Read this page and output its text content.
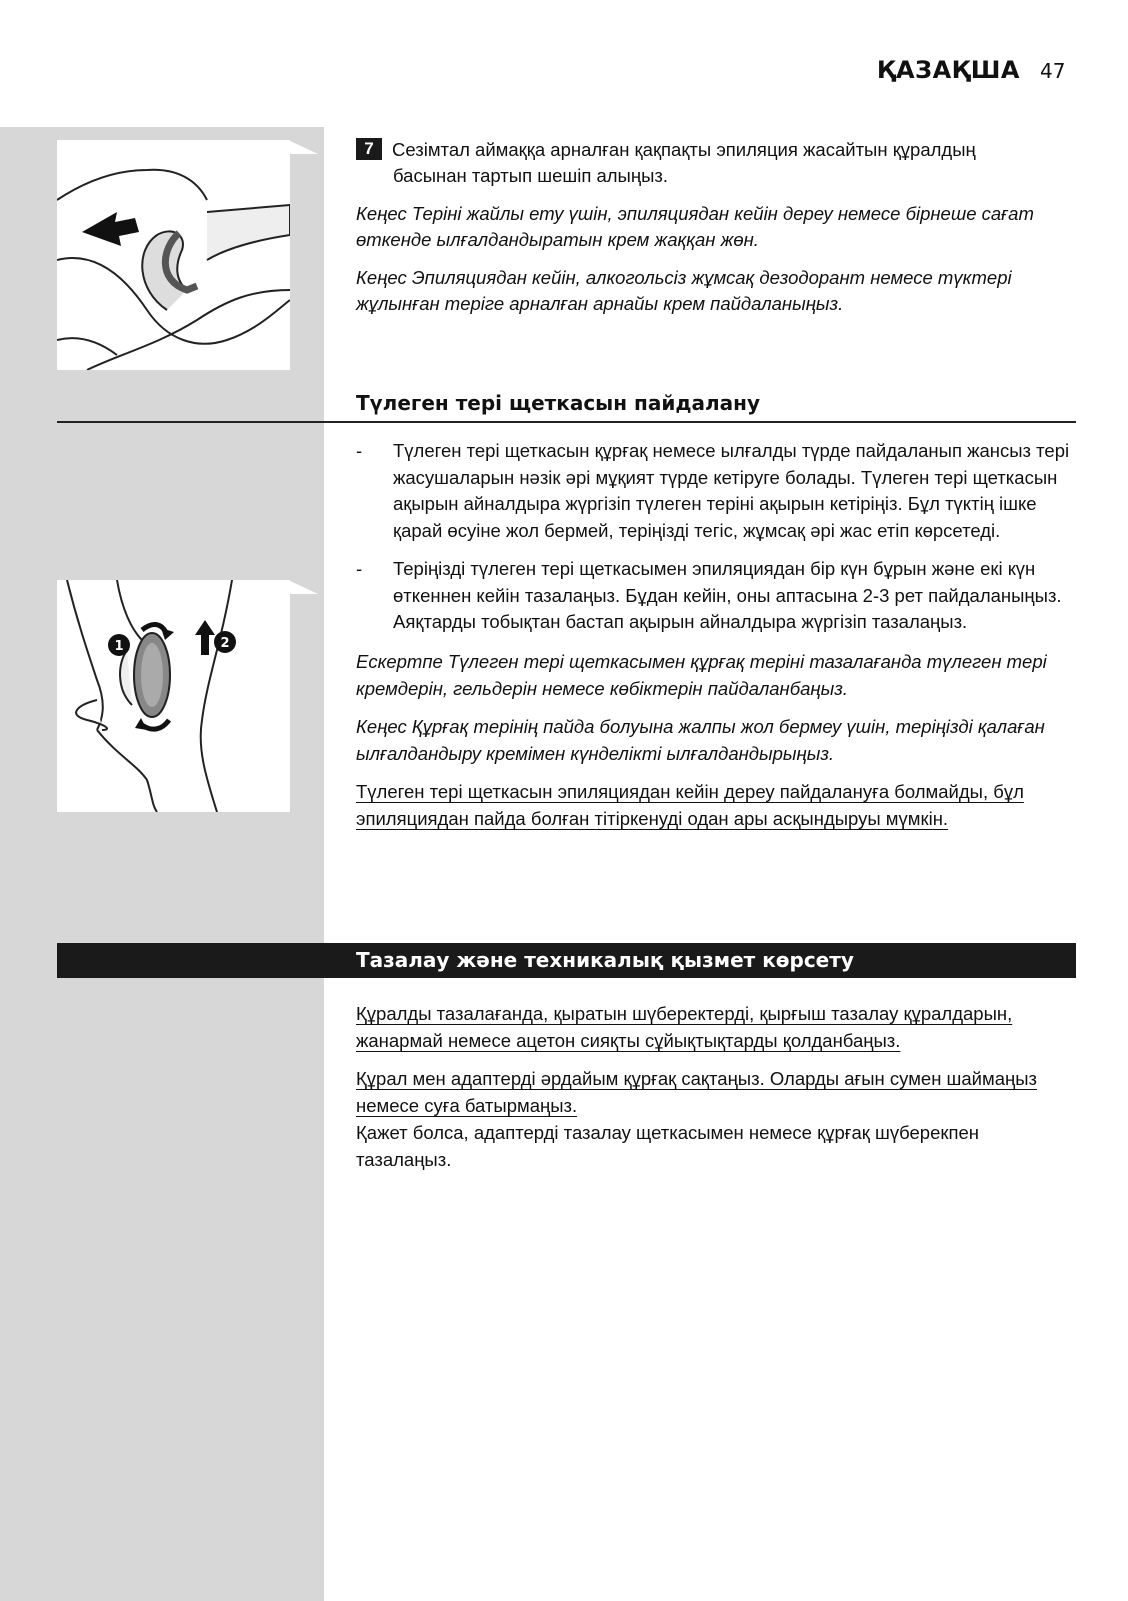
ҚАЗАҚША 47

7 Сезімтал аймаққа арналған қақпақты эпиляция жасайтын құралдың

басынан тартып шешіп алыңыз.

Кеңес Теріні жайлы ету үшін, эпиляциядан кейін дереу немесе бірнеше сағат өткенде ылғалдандыратын крем жаққан жөн.

Кеңес Эпиляциядан кейін, алкогольсіз жұмсақ дезодорант немесе түктері жұлынған теріге арналған арнайы крем пайдаланыңыз.

Түлеген тері щеткасын пайдалану
- Түлеген тері щеткасын құрғақ немесе ылғалды түрде пайдаланып жансыз тері жасушаларын нәзік әрі мұқият түрде кетіруге болады. Түлеген тері щеткасын ақырын айналдыра жүргізіп түлеген теріні ақырын кетіріңіз. Бұл түктің ішке қарай өсуіне жол бермей, теріңізді тегіс, жұмсақ әрі жас етіп көрсетеді.
- Теріңізді түлеген тері щеткасымен эпиляциядан бір күн бұрын және екі күн өткеннен кейін тазалаңыз. Бұдан кейін, оны аптасына 2-3 рет пайдаланыңыз. Аяқтарды тобықтан бастап ақырын айналдыра жүргізіп тазалаңыз.

Ескертпе Түлеген тері щеткасымен құрғақ теріні тазалағанда түлеген тері кремдерін, гельдерін немесе көбіктерін пайдаланбаңыз.

Кеңес Құрғақ терінің пайда болуына жалпы жол бермеу үшін, теріңізді қалаған ылғалдандыру кремімен күнделікті ылғалдандырыңыз.

Түлеген тері щеткасын эпиляциядан кейін дереу пайдалануға болмайды, бұл эпиляциядан пайда болған тітіркенуді одан ары асқындыруы мүмкін.

1	2
Тазалау және техникалық қызмет көрсету

Құралды тазалағанда, қыратын шүберектерді, қырғыш тазалау құралдарын, жанармай немесе ацетон сияқты сұйықтықтарды қолданбаңыз.

Құрал мен адаптерді әрдайым құрғақ сақтаңыз. Оларды ағын сумен шаймаңыз немесе суға батырмаңыз.

Қажет болса, адаптерді тазалау щеткасымен немесе құрғақ шүберекпен тазалаңыз.
